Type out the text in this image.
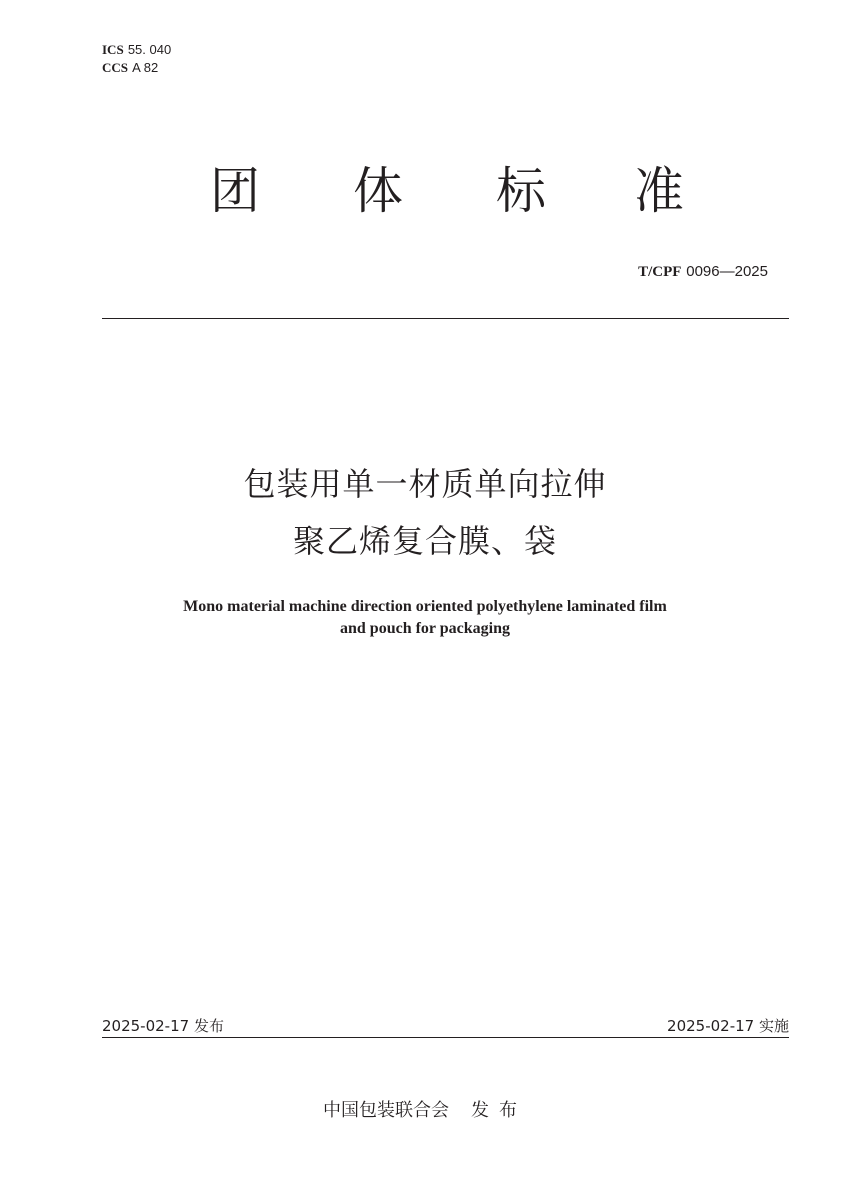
ICS 55. 040
CCS A 82
团 体 标 准
T/CPF 0096—2025
包装用单一材质单向拉伸
聚乙烯复合膜、袋
Mono material machine direction oriented polyethylene laminated film
and pouch for packaging
2025-02-17 发布	2025-02-17 实施
中国包装联合会 发布
